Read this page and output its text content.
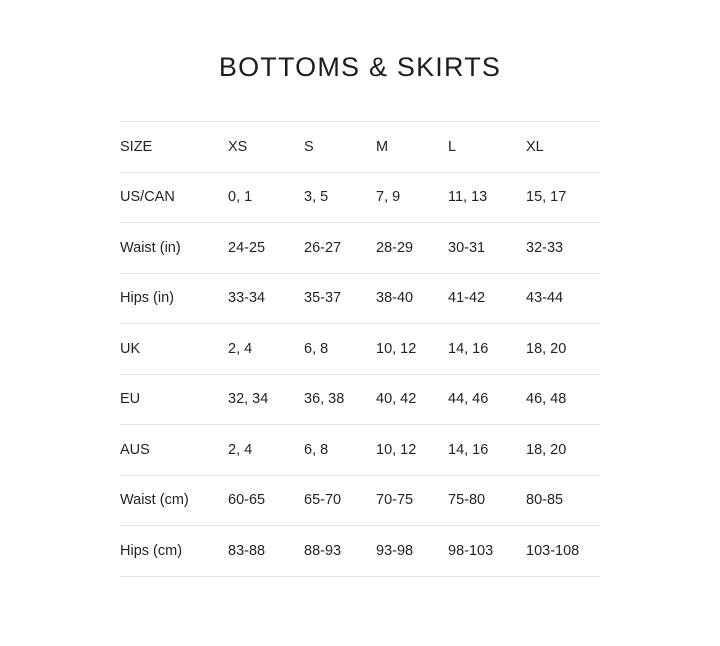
BOTTOMS & SKIRTS
SIZE	XS	S	M	L	XL
US/CAN	0, 1	3, 5	7, 9	11, 13	15, 17
Waist (in)	24-25	26-27	28-29	30-31	32-33
Hips (in)	33-34	35-37	38-40	41-42	43-44
UK	2, 4	6, 8	10, 12	14, 16	18, 20
EU	32, 34	36, 38	40, 42	44, 46	46, 48
AUS	2, 4	6, 8	10, 12	14, 16	18, 20
Waist (cm)	60-65	65-70	70-75	75-80	80-85
Hips (cm)	83-88	88-93	93-98	98-103	103-108
